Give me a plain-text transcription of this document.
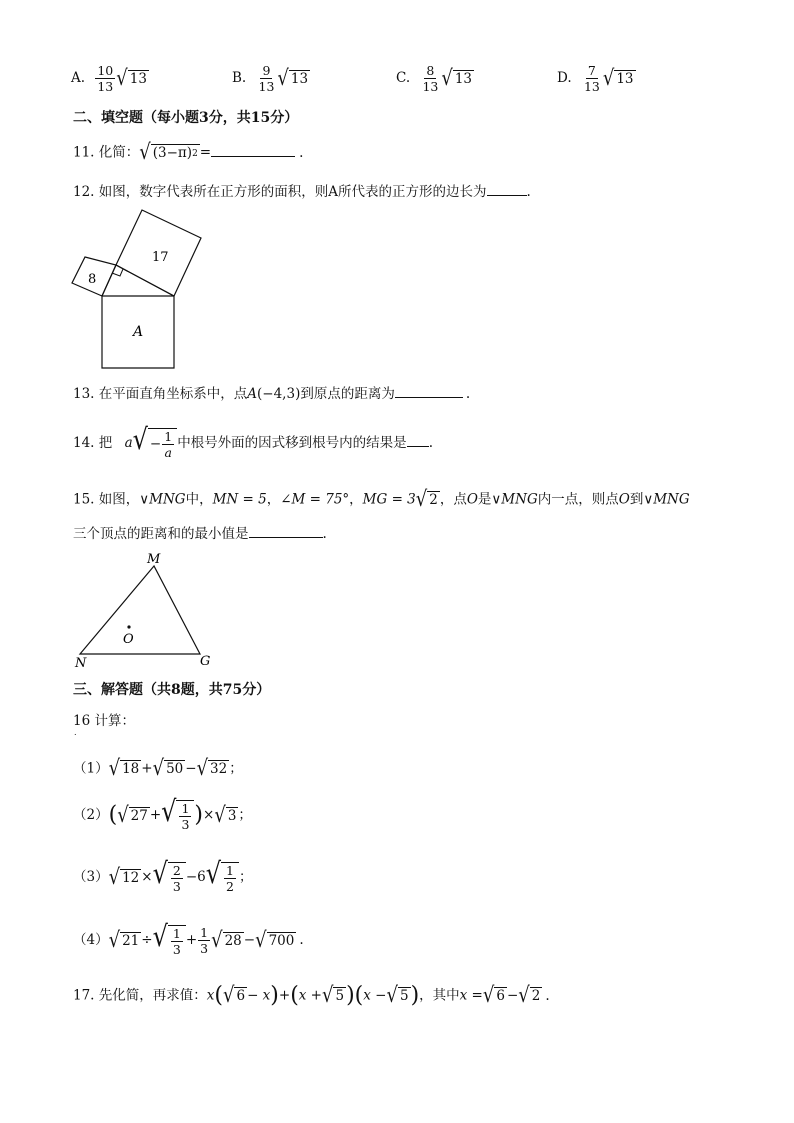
A. $\frac{10}{13}$ √ 13	B. $\frac{9}{13}$ √ 13	C. $\frac{8}{13}$ √ 13	D. $\frac{7}{13}$ √ 13
二、填空题（每小题3分，共15分）
11. 化简： √ (3−π) 2 =	.
12. 如图，数字代表所在正方形的面积，则A所代表的正方形的边长为	.
8
17
A
13. 在平面直角坐标系中，点A(−4,3)到原点的距离为	.
14. 把 a √ − $\frac{1}{a}$ 中根号外面的因式移到根号内的结果是 .
15. 如图，∨MNG中，MN = 5，∠M = 75°，MG = 3 √ 2 ，点O是∨MNG内一点，则点O到∨MNG
三个顶点的距离和的最小值是	.
M
N	G
O
三、解答题（共8题，共75分）
16 计算：
.
（1） √ 18 + √ 50 − √ 32 ；
（2）( √ 27 + √ $\frac{1}{3}$ )× √ 3 ；
（3） √ 12 × √ $\frac{2}{3} -6$ √ $\frac{1}{2}$ ；
（4） √ 21 ÷ √ $\frac{1}{3} + \frac{1}{3}$ √ 28 − √ 700 .
17. 先化简，再求值：x( √ 6 − x)+(x + √ 5 )(x − √ 5 )，其中x = √ 6 − √ 2 .
